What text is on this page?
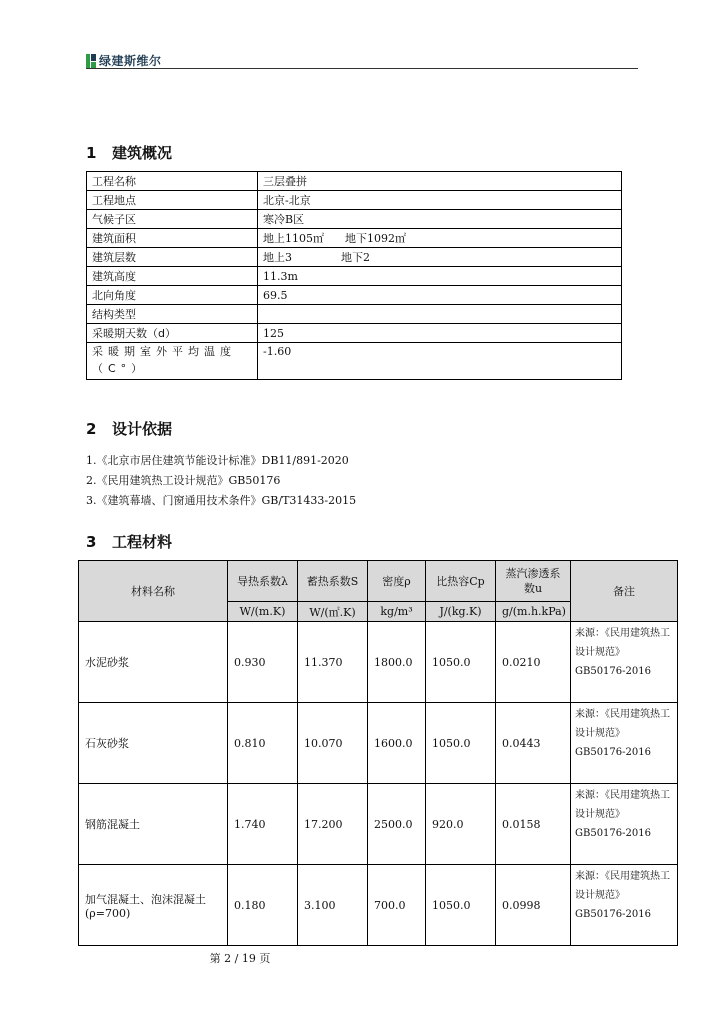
绿建斯维尔
1 建筑概况
工程名称	三层叠拼
工程地点	北京-北京
气候子区	寒冷B区
建筑面积	地上1105㎡      地下1092㎡
建筑层数	地上3              地下2
建筑高度	11.3m
北向角度	69.5
结构类型	
采暖期天数（d）	125
采暖期室外平均温度（C°）	-1.60
2 设计依据
1.《北京市居住建筑节能设计标准》DB11/891-2020
2.《民用建筑热工设计规范》GB50176
3.《建筑幕墙、门窗通用技术条件》GB/T31433-2015
3 工程材料
材料名称	导热系数λ	蓄热系数S	密度ρ	比热容Cp	蒸汽渗透系数u	备注
	W/(m.K)	W/(㎡.K)	kg/m³	J/(kg.K)	g/(m.h.kPa)	
水泥砂浆	0.930	11.370	1800.0	1050.0	0.0210	来源：《民用建筑热工设计规范》GB50176-2016
石灰砂浆	0.810	10.070	1600.0	1050.0	0.0443	来源：《民用建筑热工设计规范》GB50176-2016
钢筋混凝土	1.740	17.200	2500.0	920.0	0.0158	来源：《民用建筑热工设计规范》GB50176-2016
加气混凝土、泡沫混凝土(ρ=700)	0.180	3.100	700.0	1050.0	0.0998	来源：《民用建筑热工设计规范》GB50176-2016
第 2 / 19 页
